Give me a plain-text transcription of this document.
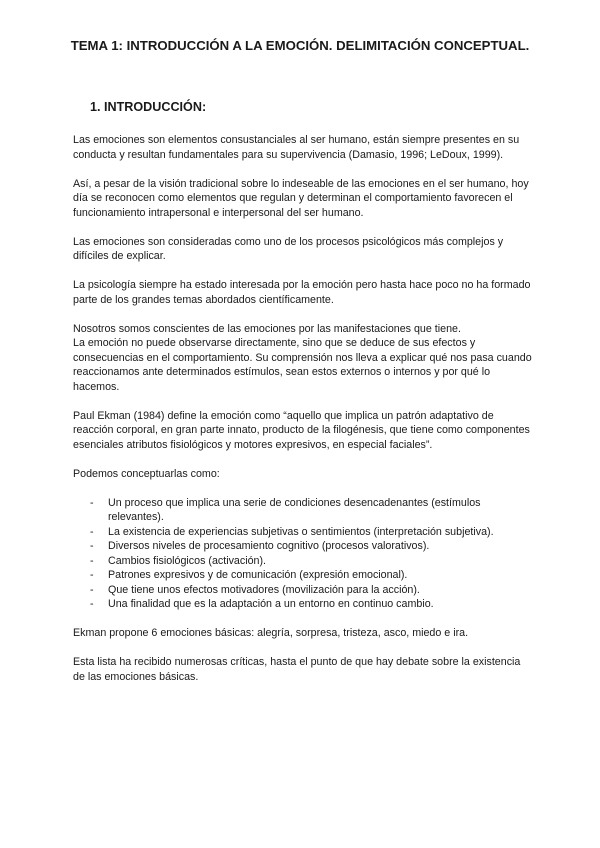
TEMA 1: INTRODUCCIÓN A LA EMOCIÓN. DELIMITACIÓN CONCEPTUAL.
1. INTRODUCCIÓN:

Las emociones son elementos consustanciales al ser humano, están siempre presentes en su conducta y resultan fundamentales para su supervivencia (Damasio, 1996; LeDoux, 1999).

Así, a pesar de la visión tradicional sobre lo indeseable de las emociones en el ser humano, hoy día se reconocen como elementos que regulan y determinan el comportamiento favorecen el funcionamiento intrapersonal e interpersonal del ser humano.

Las emociones son consideradas como uno de los procesos psicológicos más complejos y difíciles de explicar.

La psicología siempre ha estado interesada por la emoción pero hasta hace poco no ha formado parte de los grandes temas abordados científicamente.

Nosotros somos conscientes de las emociones por las manifestaciones que tiene.
La emoción no puede observarse directamente, sino que se deduce de sus efectos y consecuencias en el comportamiento. Su comprensión nos lleva a explicar qué nos pasa cuando reaccionamos ante determinados estímulos, sean estos externos o internos y por qué lo hacemos.

Paul Ekman (1984) define la emoción como “aquello que implica un patrón adaptativo de reacción corporal, en gran parte innato, producto de la filogénesis, que tiene como componentes esenciales atributos fisiológicos y motores expresivos, en especial faciales”.

Podemos conceptuarlas como:

- Un proceso que implica una serie de condiciones desencadenantes (estímulos relevantes).
- La existencia de experiencias subjetivas o sentimientos (interpretación subjetiva).
- Diversos niveles de procesamiento cognitivo (procesos valorativos).
- Cambios fisiológicos (activación).
- Patrones expresivos y de comunicación (expresión emocional).
- Que tiene unos efectos motivadores (movilización para la acción).
- Una finalidad que es la adaptación a un entorno en continuo cambio.

Ekman propone 6 emociones básicas: alegría, sorpresa, tristeza, asco, miedo e ira.

Esta lista ha recibido numerosas críticas, hasta el punto de que hay debate sobre la existencia de las emociones básicas.
